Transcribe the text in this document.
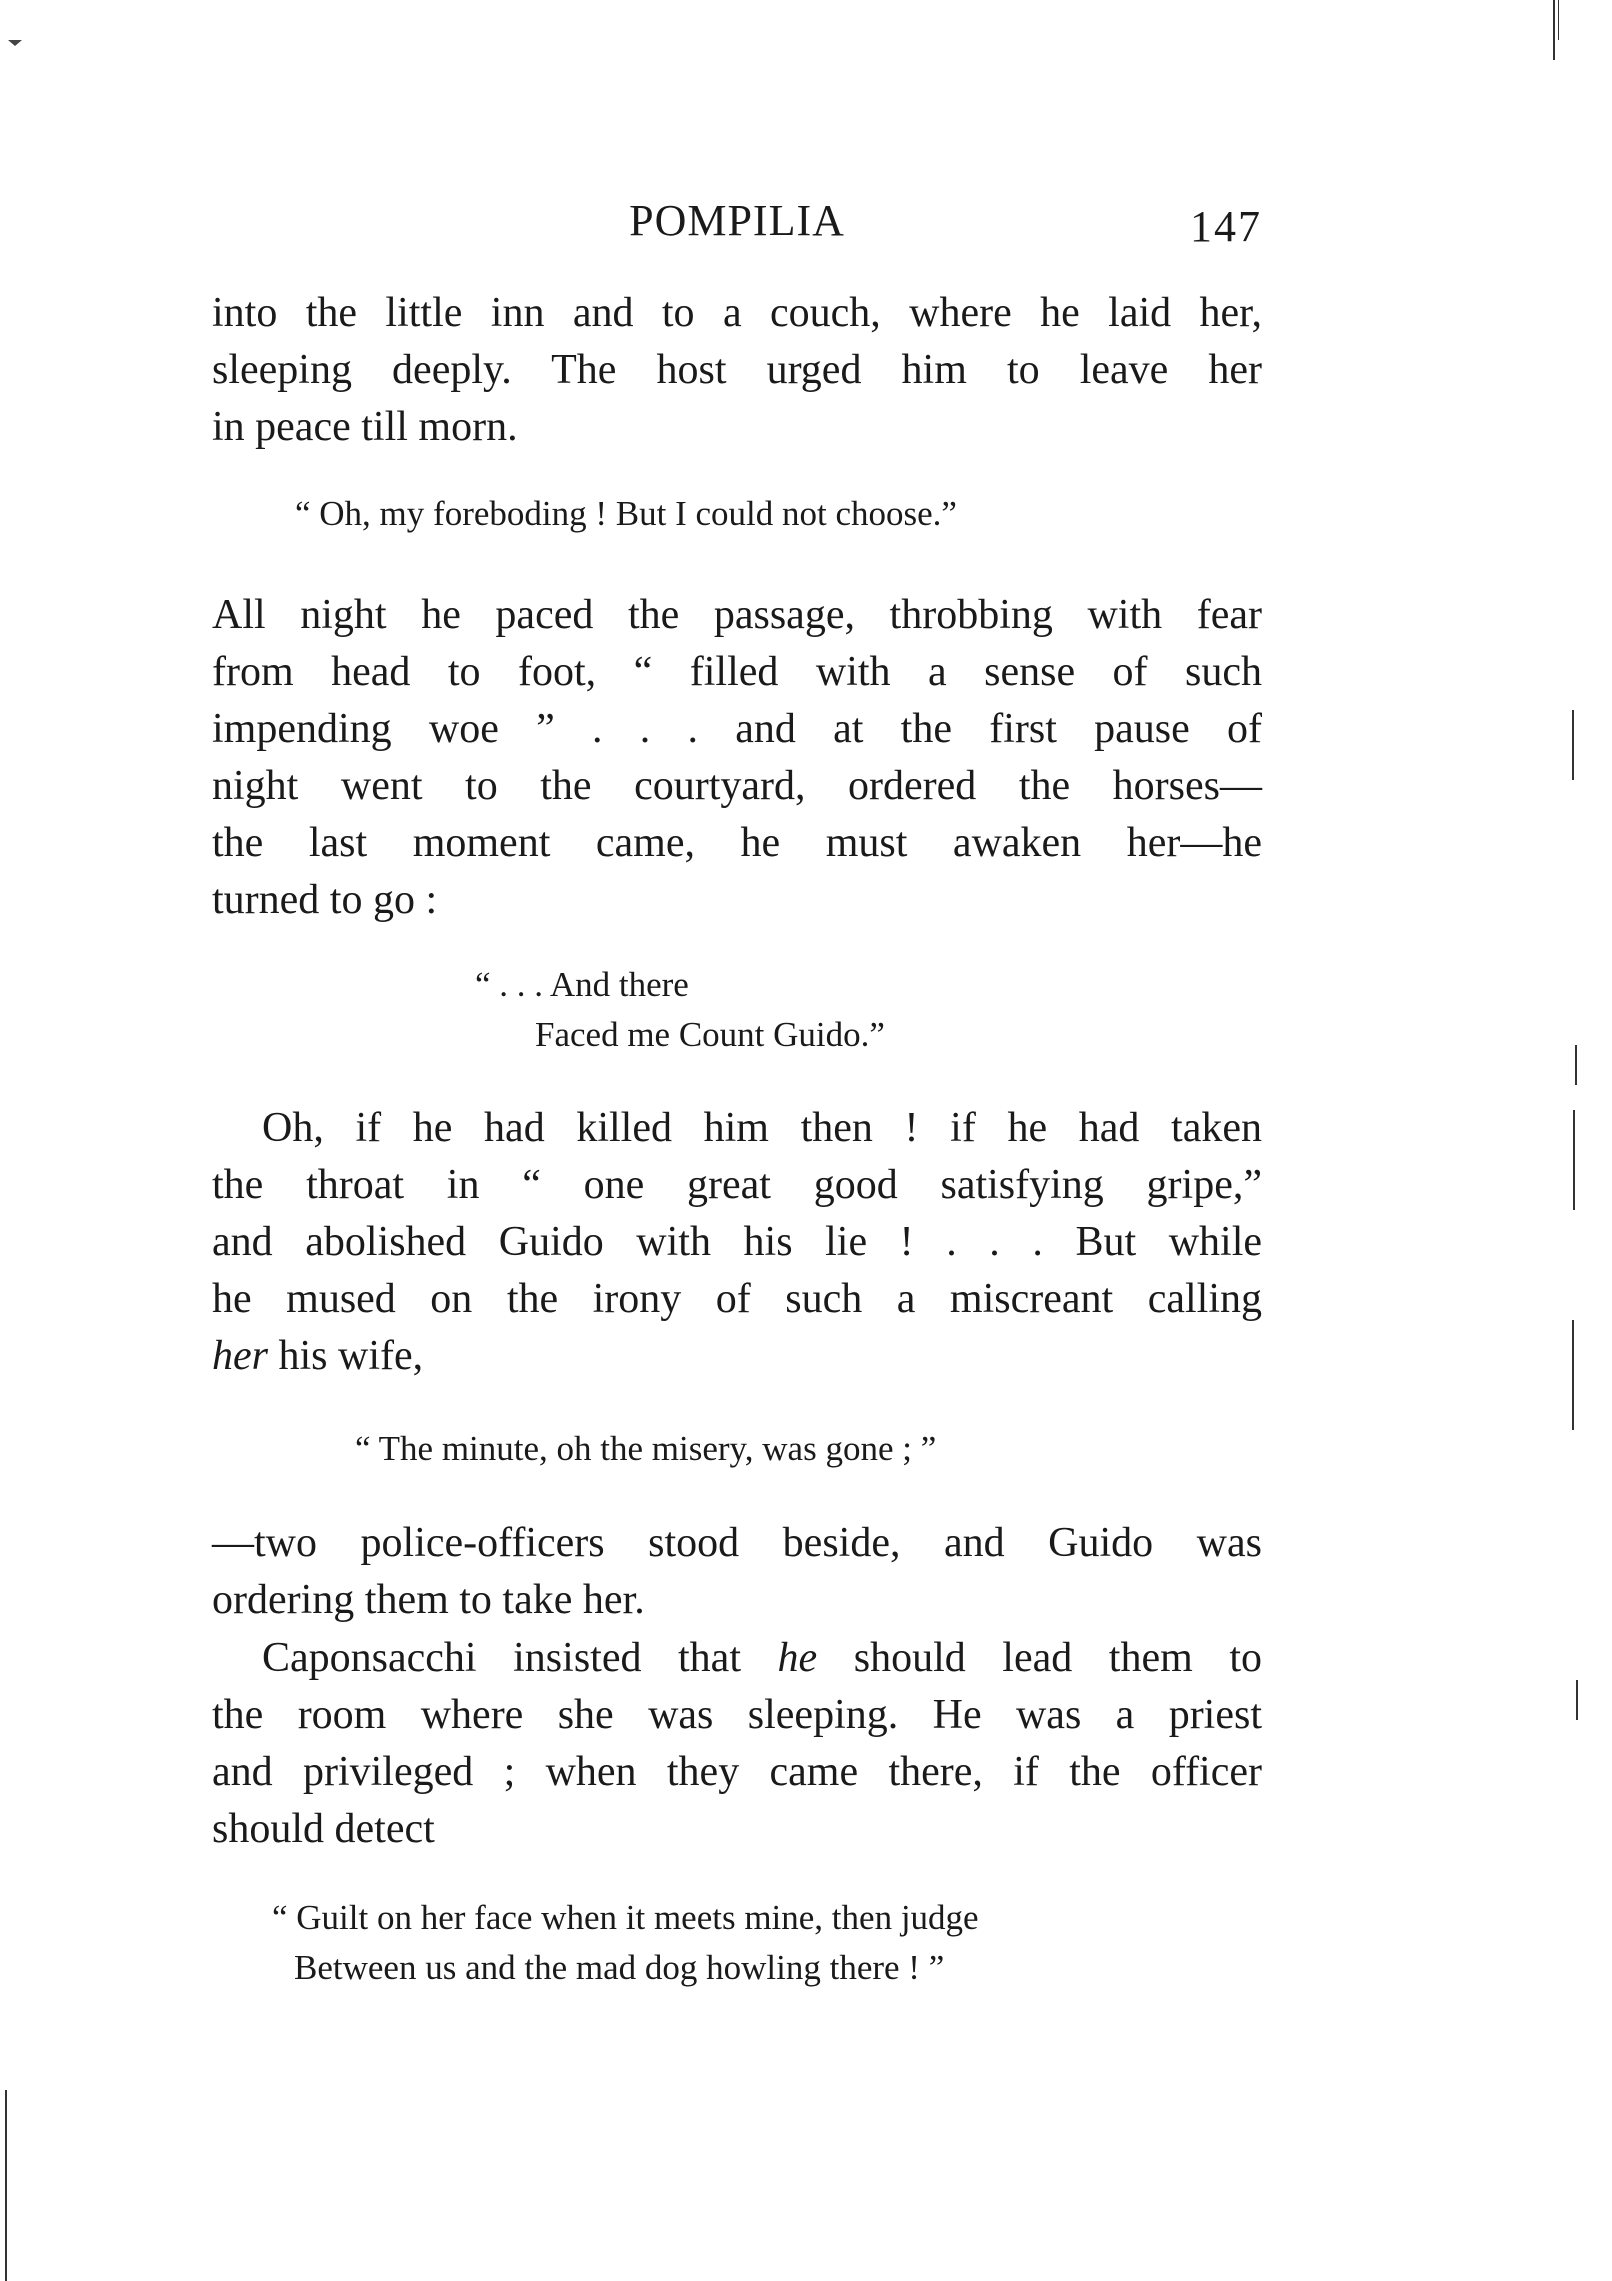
POMPILIA	147

into the little inn and to a couch, where he laid her,
sleeping deeply. The host urged him to leave her
in peace till morn.

“ Oh, my foreboding ! But I could not choose.”

All night he paced the passage, throbbing with fear
from head to foot, “ filled with a sense of such
impending woe ” . . . and at the first pause of
night went to the courtyard, ordered the horses—
the last moment came, he must awaken her—he
turned to go :

“ . . . And there
Faced me Count Guido.”

Oh, if he had killed him then ! if he had taken
the throat in “ one great good satisfying gripe,”
and abolished Guido with his lie ! . . . But while
he mused on the irony of such a miscreant calling
her his wife,

“ The minute, oh the misery, was gone ; ”

—two police-officers stood beside, and Guido was
ordering them to take her.

Caponsacchi insisted that he should lead them to
the room where she was sleeping. He was a priest
and privileged ; when they came there, if the officer
should detect

“ Guilt on her face when it meets mine, then judge
Between us and the mad dog howling there ! ”
